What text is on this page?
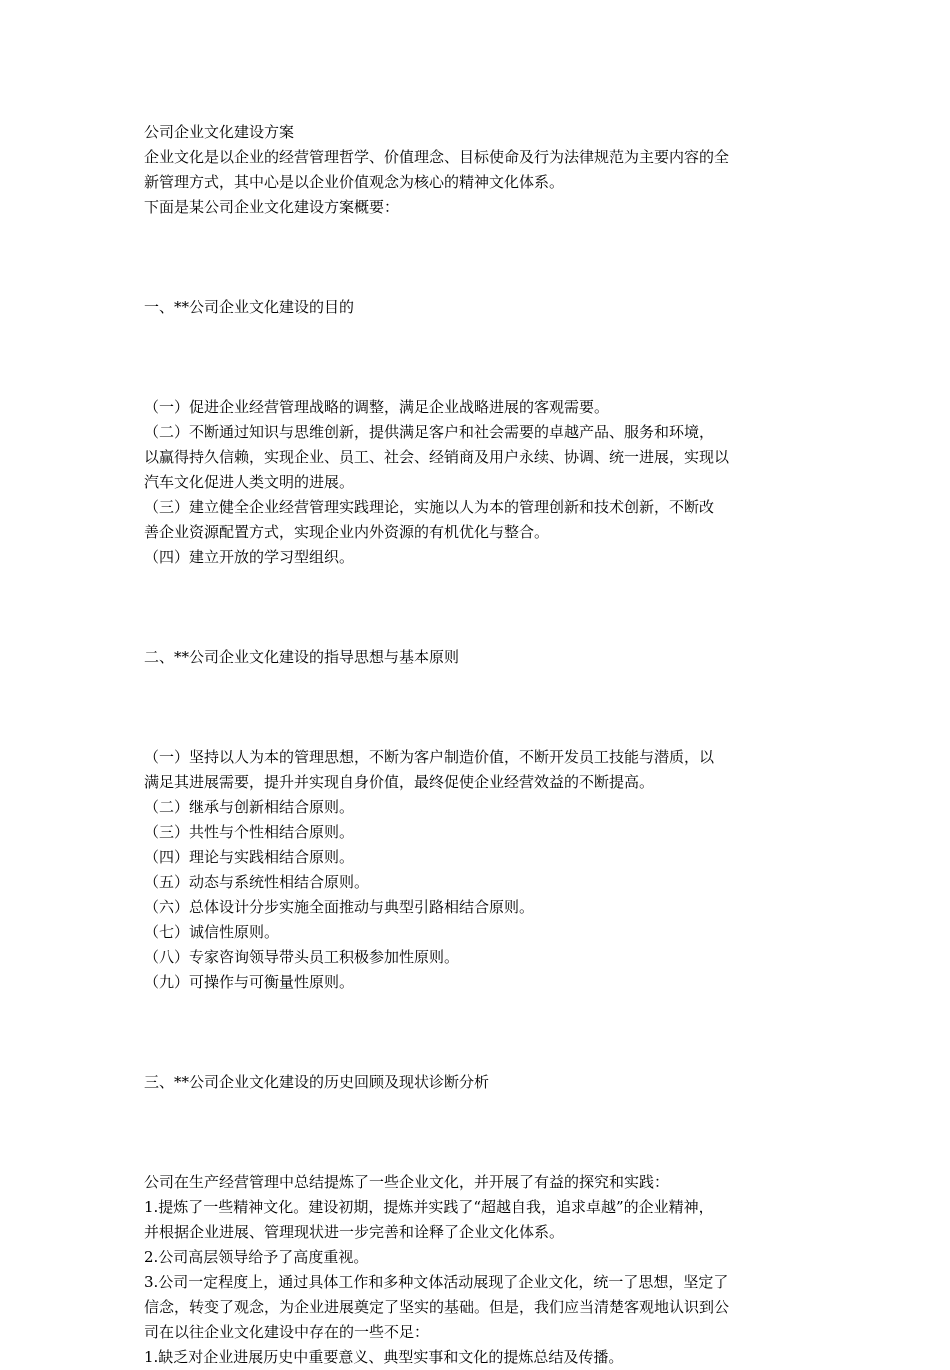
公司企业文化建设方案

企业文化是以企业的经营管理哲学、价值理念、目标使命及行为法律规范为主要内容的全

新管理方式，其中心是以企业价值观念为核心的精神文化体系。

下面是某公司企业文化建设方案概要：

一、**公司企业文化建设的目的

（一）促进企业经营管理战略的调整，满足企业战略进展的客观需要。

（二）不断通过知识与思维创新，提供满足客户和社会需要的卓越产品、服务和环境，

以赢得持久信赖，实现企业、员工、社会、经销商及用户永续、协调、统一进展，实现以

汽车文化促进人类文明的进展。

（三）建立健全企业经营管理实践理论，实施以人为本的管理创新和技术创新，不断改

善企业资源配置方式，实现企业内外资源的有机优化与整合。

（四）建立开放的学习型组织。

二、**公司企业文化建设的指导思想与基本原则

（一）坚持以人为本的管理思想，不断为客户制造价值，不断开发员工技能与潜质，以

满足其进展需要，提升并实现自身价值，最终促使企业经营效益的不断提高。

（二）继承与创新相结合原则。

（三）共性与个性相结合原则。

（四）理论与实践相结合原则。

（五）动态与系统性相结合原则。

（六）总体设计分步实施全面推动与典型引路相结合原则。

（七）诚信性原则。

（八）专家咨询领导带头员工积极参加性原则。

（九）可操作与可衡量性原则。

三、**公司企业文化建设的历史回顾及现状诊断分析

公司在生产经营管理中总结提炼了一些企业文化，并开展了有益的探究和实践：

1.提炼了一些精神文化。建设初期，提炼并实践了“超越自我，追求卓越”的企业精神，

并根据企业进展、管理现状进一步完善和诠释了企业文化体系。

2.公司高层领导给予了高度重视。

3.公司一定程度上，通过具体工作和多种文体活动展现了企业文化，统一了思想，坚定了

信念，转变了观念，为企业进展奠定了坚实的基础。但是，我们应当清楚客观地认识到公

司在以往企业文化建设中存在的一些不足：

1.缺乏对企业进展历史中重要意义、典型实事和文化的提炼总结及传播。
